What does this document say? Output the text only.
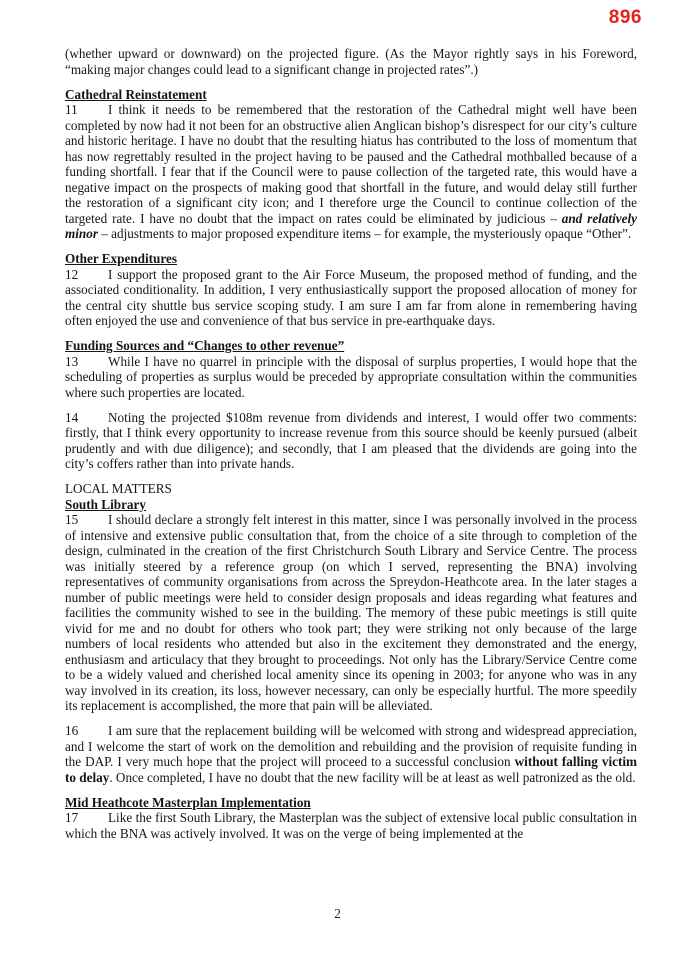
896

(whether upward or downward) on the projected figure. (As the Mayor rightly says in his Foreword, “making major changes could lead to a significant change in projected rates”.)

Cathedral Reinstatement

11 I think it needs to be remembered that the restoration of the Cathedral might well have been completed by now had it not been for an obstructive alien Anglican bishop’s disrespect for our city’s culture and historic heritage. I have no doubt that the resulting hiatus has contributed to the loss of momentum that has now regrettably resulted in the project having to be paused and the Cathedral mothballed because of a funding shortfall. I fear that if the Council were to pause collection of the targeted rate, this would have a negative impact on the prospects of making good that shortfall in the future, and would delay still further the restoration of a significant city icon; and I therefore urge the Council to continue collection of the targeted rate. I have no doubt that the impact on rates could be eliminated by judicious – and relatively minor – adjustments to major proposed expenditure items – for example, the mysteriously opaque “Other”.

Other Expenditures

12 I support the proposed grant to the Air Force Museum, the proposed method of funding, and the associated conditionality. In addition, I very enthusiastically support the proposed allocation of money for the central city shuttle bus service scoping study. I am sure I am far from alone in remembering having often enjoyed the use and convenience of that bus service in pre-earthquake days.

Funding Sources and “Changes to other revenue”

13 While I have no quarrel in principle with the disposal of surplus properties, I would hope that the scheduling of properties as surplus would be preceded by appropriate consultation within the communities where such properties are located.

14 Noting the projected $108m revenue from dividends and interest, I would offer two comments: firstly, that I think every opportunity to increase revenue from this source should be keenly pursued (albeit prudently and with due diligence); and secondly, that I am pleased that the dividends are going into the city’s coffers rather than into private hands.

LOCAL MATTERS
South Library

15 I should declare a strongly felt interest in this matter, since I was personally involved in the process of intensive and extensive public consultation that, from the choice of a site through to completion of the design, culminated in the creation of the first Christchurch South Library and Service Centre. The process was initially steered by a reference group (on which I served, representing the BNA) involving representatives of community organisations from across the Spreydon-Heathcote area. In the later stages a number of public meetings were held to consider design proposals and ideas regarding what features and facilities the community wished to see in the building. The memory of these pubic meetings is still quite vivid for me and no doubt for others who took part; they were striking not only because of the large numbers of local residents who attended but also in the excitement they demonstrated and the energy, enthusiasm and articulacy that they brought to proceedings. Not only has the Library/Service Centre come to be a widely valued and cherished local amenity since its opening in 2003; for anyone who was in any way involved in its creation, its loss, however necessary, can only be especially hurtful. The more speedily its replacement is accomplished, the more that pain will be alleviated.

16 I am sure that the replacement building will be welcomed with strong and widespread appreciation, and I welcome the start of work on the demolition and rebuilding and the provision of requisite funding in the DAP. I very much hope that the project will proceed to a successful conclusion without falling victim to delay. Once completed, I have no doubt that the new facility will be at least as well patronized as the old.

Mid Heathcote Masterplan Implementation

17 Like the first South Library, the Masterplan was the subject of extensive local public consultation in which the BNA was actively involved. It was on the verge of being implemented at the

2
